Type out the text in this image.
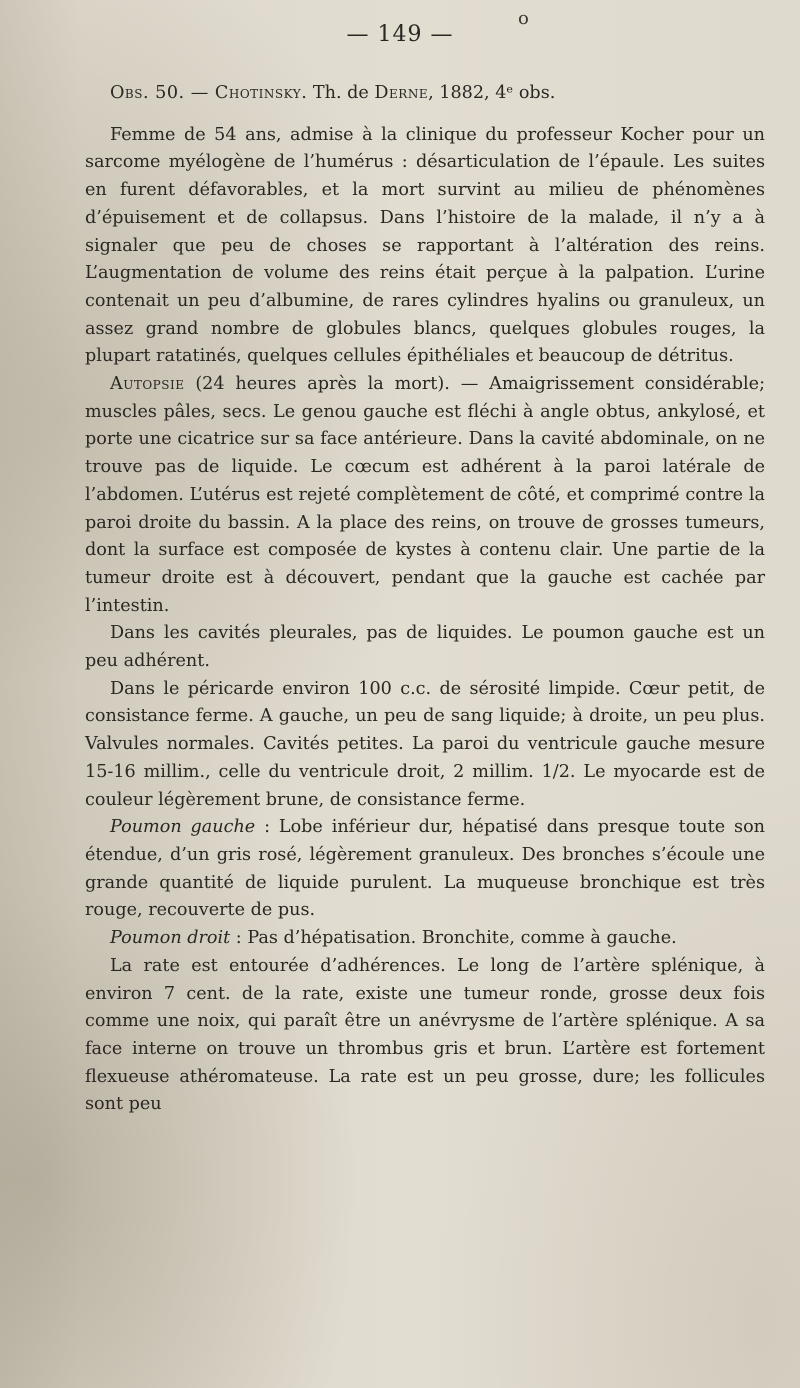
o
— 149 —

Obs. 50. — Chotinsky. Th. de Derne, 1882, 4ᵉ obs.

Femme de 54 ans, admise à la clinique du professeur Kocher pour un sarcome myélogène de l’humérus : désarticulation de l’épaule. Les suites en furent défavorables, et la mort survint au milieu de phénomènes d’épuisement et de collapsus. Dans l’histoire de la malade, il n’y a à signaler que peu de choses se rapportant à l’altération des reins. L’augmentation de volume des reins était perçue à la palpation. L’urine contenait un peu d’albumine, de rares cylindres hyalins ou granuleux, un assez grand nombre de globules blancs, quelques globules rouges, la plupart ratatinés, quelques cellules épithéliales et beaucoup de détritus.

Autopsie (24 heures après la mort). — Amaigrissement considérable; muscles pâles, secs. Le genou gauche est fléchi à angle obtus, ankylosé, et porte une cicatrice sur sa face antérieure. Dans la cavité abdominale, on ne trouve pas de liquide. Le cœcum est adhérent à la paroi latérale de l’abdomen. L’utérus est rejeté complètement de côté, et comprimé contre la paroi droite du bassin. A la place des reins, on trouve de grosses tumeurs, dont la surface est composée de kystes à contenu clair. Une partie de la tumeur droite est à découvert, pendant que la gauche est cachée par l’intestin.

Dans les cavités pleurales, pas de liquides. Le poumon gauche est un peu adhérent.

Dans le péricarde environ 100 c.c. de sérosité limpide. Cœur petit, de consistance ferme. A gauche, un peu de sang liquide; à droite, un peu plus. Valvules normales. Cavités petites. La paroi du ventricule gauche mesure 15-16 millim., celle du ventricule droit, 2 millim. 1/2. Le myocarde est de couleur légèrement brune, de consistance ferme.

Poumon gauche : Lobe inférieur dur, hépatisé dans presque toute son étendue, d’un gris rosé, légèrement granuleux. Des bronches s’écoule une grande quantité de liquide purulent. La muqueuse bronchique est très rouge, recouverte de pus.

Poumon droit : Pas d’hépatisation. Bronchite, comme à gauche.

La rate est entourée d’adhérences. Le long de l’artère splénique, à environ 7 cent. de la rate, existe une tumeur ronde, grosse deux fois comme une noix, qui paraît être un anévrysme de l’artère splénique. A sa face interne on trouve un thrombus gris et brun. L’artère est fortement flexueuse athéromateuse. La rate est un peu grosse, dure; les follicules sont peu
